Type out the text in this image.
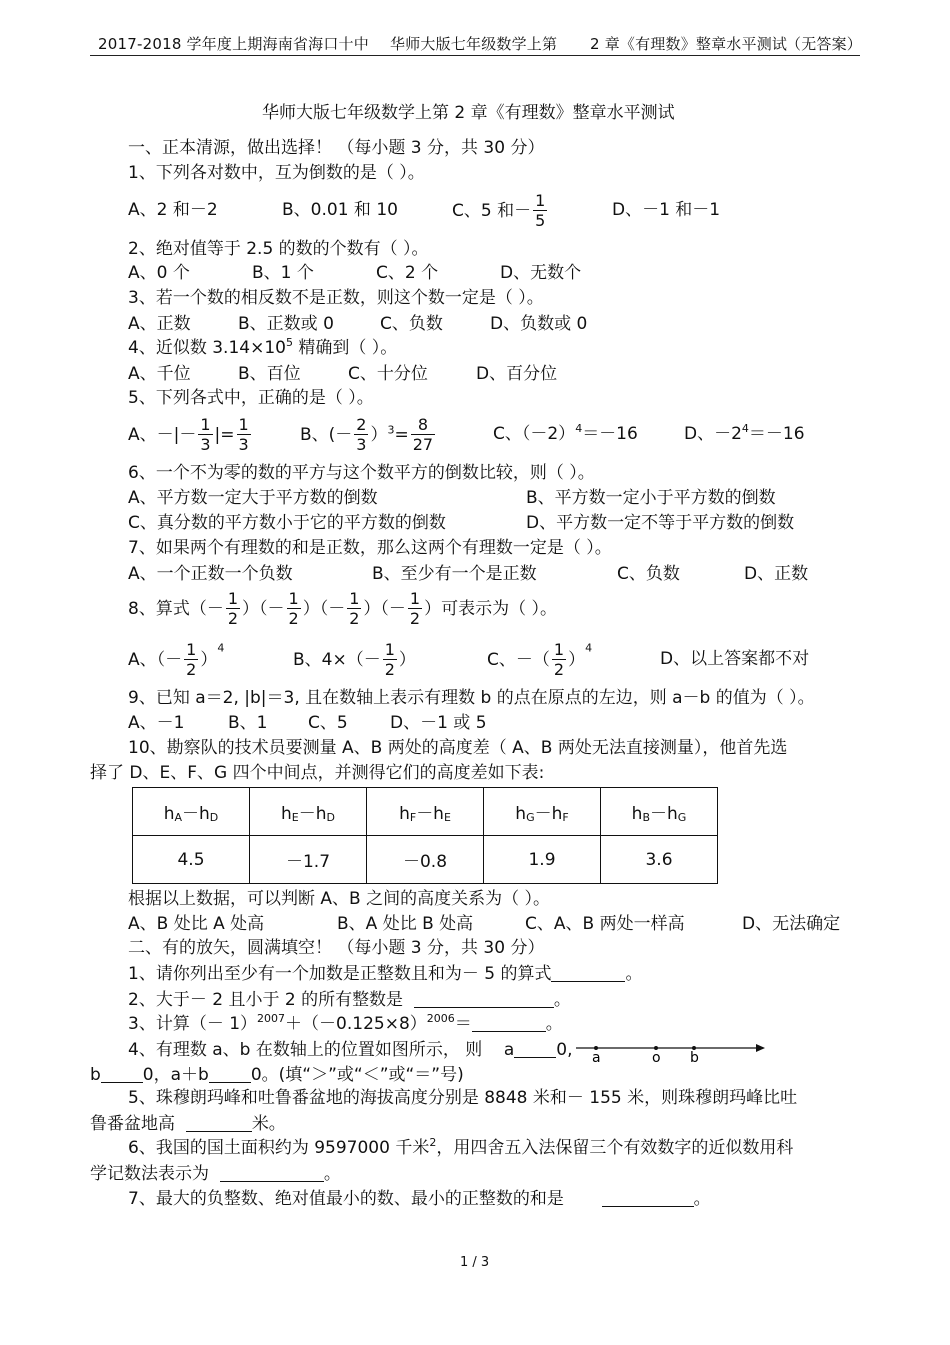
2017-2018 学年度上期海南省海口十中 华师大版七年级数学上第 2 章《有理数》整章水平测试
（无答案）
华师大版七年级数学上第 2 章《有理数》整章水平测试
一、正本清源，做出选择！ （每小题 3 分，共 30 分）
1、下列各对数中，互为倒数的是（ ）。
A、2 和－2	B、0.01 和 10	C、5 和－ $\frac{1}{5}$	D、－1 和－1
2、绝对值等于 2.5 的数的个数有（ ）。
A、0 个	B、1 个	C、2 个	D、无数个
3、若一个数的相反数不是正数，则这个数一定是（ ）。
A、正数	B、正数或 0	C、负数	D、负数或 0
4、近似数 $3.14\times 10^5$ 精确到（ ）。
A、千位	B、百位	C、十分位	D、百分位
5、下列各式中，正确的是（ ）。
A、－|－ $\frac{1}{3}$ |= $\frac{1}{3}$	B、(－ $\frac{2}{3} )^3= \frac{8}{27}$	C、$(-2)^4=-16$	D、$-2^4=-16$
6、一个不为零的数的平方与这个数平方的倒数比较，则（ ）。
A、平方数一定大于平方数的倒数	B、平方数一定小于平方数的倒数
C、真分数的平方数小于它的平方数的倒数	D、平方数一定不等于平方数的倒数
7、如果两个有理数的和是正数，那么这两个有理数一定是（ ）。
A、一个正数一个负数	B、至少有一个是正数	C、负数	D、正数
8、算式（－ $\frac{1}{2}$ ）（－ $\frac{1}{2}$ ）（－ $\frac{1}{2}$ ）（－ $\frac{1}{2}$ ）可表示为（ ）。
A、（－ $\frac{1}{2} )^4$
B、$4\times(- \frac{1}{2}$ ）	C、－（ $\frac{1}{2} )^4$
D、以上答案都不对
9、已知 a＝2, |b|＝3, 且在数轴上表示有理数 b 的点在原点的左边，则 a－b 的值为（ ）。
A、－1	B、1 C、5 D、－1 或 5
10、勘察队的技术员要测量 A、B 两处的高度差（ A、B 两处无法直接测量），他首先选
择了 D、E、F、G 四个中间点，并测得它们的高度差如下表:
$h_A-h_D$	$h_E-h_D$	$h_F-h_E$	$h_G-h_F$	$h_B-h_G$
4.5	－1.7	－0.8	1.9	3.6
根据以上数据，可以判断 A、B 之间的高度关系为（ ）。
A、B 处比 A 处高	B、A 处比 B 处高	C、A、B 两处一样高	D、无法确定
二、有的放矢，圆满填空！ （每小题 3 分，共 30 分）
1、请你列出至少有一个加数是正整数且和为－ 5 的算式	。
2、大于－ 2 且小于 2 的所有整数是	。
3、计算（－ $1)^{2007}+(-0.125\times 8)^{2006}=$	。
4、有理数 a、b 在数轴上的位置如图所示， 则 a 0, a	o b
b 0，a＋b 0。(填“＞”或“＜”或“＝”号)
5、珠穆朗玛峰和吐鲁番盆地的海拔高度分别是 8848 米和－ 155 米，则珠穆朗玛峰比吐
鲁番盆地高	米。
6、我国的国土面积约为 9597000 千米$^2$，用四舍五入法保留三个有效数字的近似数用科
学记数法表示为	。
7、最大的负整数、绝对值最小的数、最小的正整数的和是	。
1 / 3
